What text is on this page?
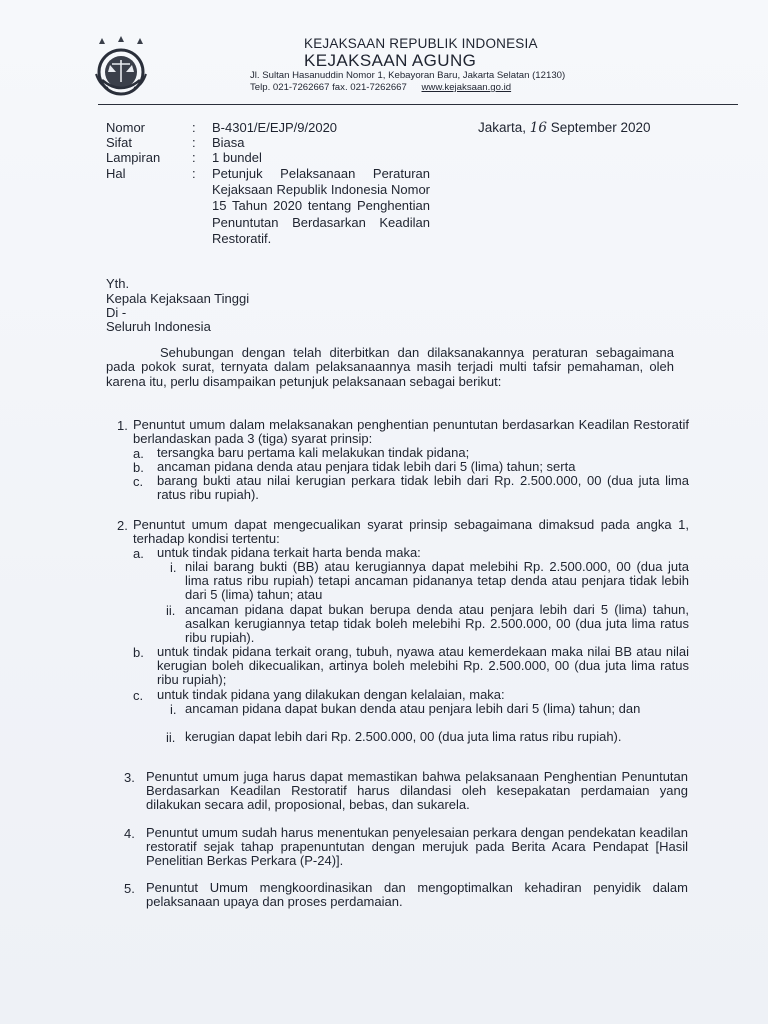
KEJAKSAAN REPUBLIK INDONESIA
KEJAKSAAN AGUNG
Jl. Sultan Hasanuddin Nomor 1, Kebayoran Baru, Jakarta Selatan (12130)
Telp. 021-7262667 fax. 021-7262667 www.kejaksaan.go.id
Nomor	: B-4301/E/EJP/9/2020
Sifat	: Biasa
Lampiran : 1 bundel
Hal	: Petunjuk Pelaksanaan Peraturan Kejaksaan Republik Indonesia Nomor 15 Tahun 2020 tentang Penghentian Penuntutan Berdasarkan Keadilan Restoratif.
Jakarta, 16 September 2020
Yth.
Kepala Kejaksaan Tinggi
Di -
Seluruh Indonesia
Sehubungan dengan telah diterbitkan dan dilaksanakannya peraturan sebagaimana pada pokok surat, ternyata dalam pelaksanaannya masih terjadi multi tafsir pemahaman, oleh karena itu, perlu disampaikan petunjuk pelaksanaan sebagai berikut:
1. Penuntut umum dalam melaksanakan penghentian penuntutan berdasarkan Keadilan Restoratif berlandaskan pada 3 (tiga) syarat prinsip:
a. tersangka baru pertama kali melakukan tindak pidana;
b. ancaman pidana denda atau penjara tidak lebih dari 5 (lima) tahun; serta
c. barang bukti atau nilai kerugian perkara tidak lebih dari Rp. 2.500.000, 00 (dua juta lima ratus ribu rupiah).
2. Penuntut umum dapat mengecualikan syarat prinsip sebagaimana dimaksud pada angka 1, terhadap kondisi tertentu:
a. untuk tindak pidana terkait harta benda maka:
i. nilai barang bukti (BB) atau kerugiannya dapat melebihi Rp. 2.500.000, 00 (dua juta lima ratus ribu rupiah) tetapi ancaman pidananya tetap denda atau penjara tidak lebih dari 5 (lima) tahun; atau
ii. ancaman pidana dapat bukan berupa denda atau penjara lebih dari 5 (lima) tahun, asalkan kerugiannya tetap tidak boleh melebihi Rp. 2.500.000, 00 (dua juta lima ratus ribu rupiah).
b. untuk tindak pidana terkait orang, tubuh, nyawa atau kemerdekaan maka nilai BB atau nilai kerugian boleh dikecualikan, artinya boleh melebihi Rp. 2.500.000, 00 (dua juta lima ratus ribu rupiah);
c. untuk tindak pidana yang dilakukan dengan kelalaian, maka:
i. ancaman pidana dapat bukan denda atau penjara lebih dari 5 (lima) tahun; dan
ii. kerugian dapat lebih dari Rp. 2.500.000, 00 (dua juta lima ratus ribu rupiah).
3. Penuntut umum juga harus dapat memastikan bahwa pelaksanaan Penghentian Penuntutan Berdasarkan Keadilan Restoratif harus dilandasi oleh kesepakatan perdamaian yang dilakukan secara adil, proposional, bebas, dan sukarela.
4. Penuntut umum sudah harus menentukan penyelesaian perkara dengan pendekatan keadilan restoratif sejak tahap prapenuntutan dengan merujuk pada Berita Acara Pendapat [Hasil Penelitian Berkas Perkara (P-24)].
5. Penuntut Umum mengkoordinasikan dan mengoptimalkan kehadiran penyidik dalam pelaksanaan upaya dan proses perdamaian.
